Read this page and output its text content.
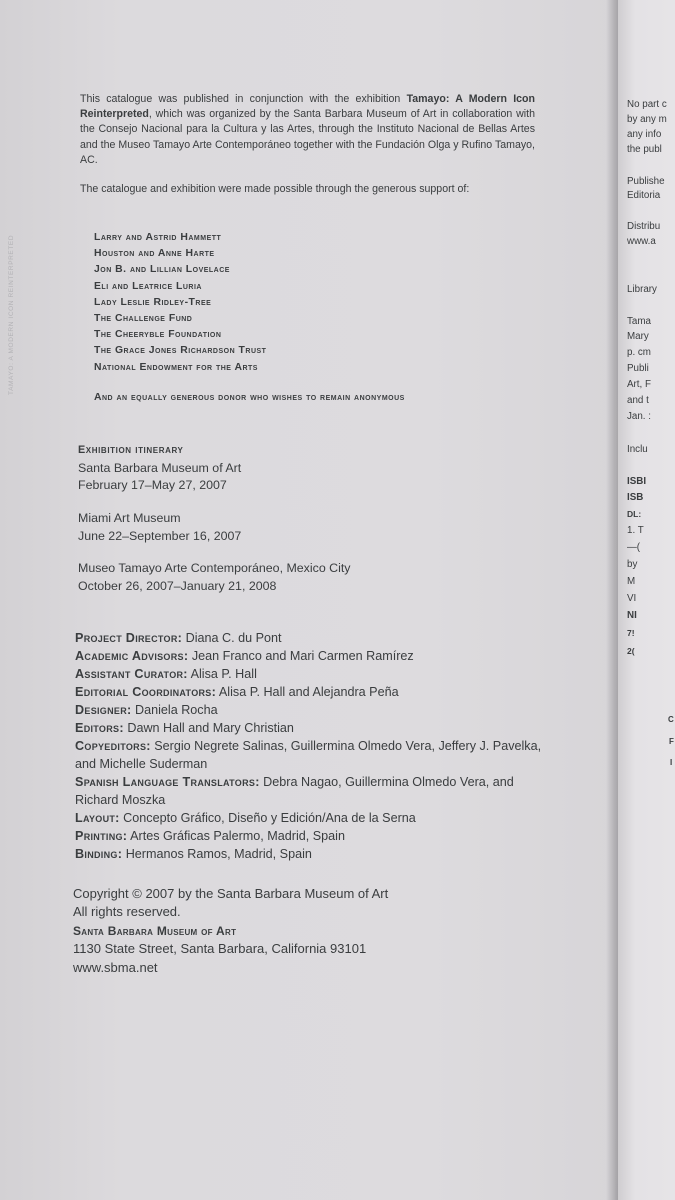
TAMAYO: A MODERN ICON REINTERPRETED
This catalogue was published in conjunction with the exhibition Tamayo: A Modern Icon Reinterpreted, which was organized by the Santa Barbara Museum of Art in collaboration with the Consejo Nacional para la Cultura y las Artes, through the Instituto Nacional de Bellas Artes and the Museo Tamayo Arte Contemporáneo together with the Fundación Olga y Rufino Tamayo, AC.
The catalogue and exhibition were made possible through the generous support of:
Larry and Astrid Hammett
Houston and Anne Harte
Jon B. and Lillian Lovelace
Eli and Leatrice Luria
Lady Leslie Ridley-Tree
The Challenge Fund
The Cheeryble Foundation
The Grace Jones Richardson Trust
National Endowment for the Arts
And an equally generous donor who wishes to remain anonymous
Exhibition itinerary
Santa Barbara Museum of Art
February 17–May 27, 2007
Miami Art Museum
June 22–September 16, 2007
Museo Tamayo Arte Contemporáneo, Mexico City
October 26, 2007–January 21, 2008
Project Director: Diana C. du Pont
Academic Advisors: Jean Franco and Mari Carmen Ramírez
Assistant Curator: Alisa P. Hall
Editorial Coordinators: Alisa P. Hall and Alejandra Peña
Designer: Daniela Rocha
Editors: Dawn Hall and Mary Christian
Copyeditors: Sergio Negrete Salinas, Guillermina Olmedo Vera, Jeffery J. Pavelka, and Michelle Suderman
Spanish Language Translators: Debra Nagao, Guillermina Olmedo Vera, and Richard Moszka
Layout: Concepto Gráfico, Diseño y Edición/Ana de la Serna
Printing: Artes Gráficas Palermo, Madrid, Spain
Binding: Hermanos Ramos, Madrid, Spain
Copyright © 2007 by the Santa Barbara Museum of Art
All rights reserved.
Santa Barbara Museum of Art
1130 State Street, Santa Barbara, California 93101
www.sbma.net
No part c
by any m
any info
the publ
Publishe
Editoria
Distribu
www.a
Library
Tama
Mary
p. cm
Publi
Art, F
and t
Jan. :
Inclu
ISBI
ISB
DL:
1. T
—(
by
M
VI
NI
7!
2(
C
F
I
